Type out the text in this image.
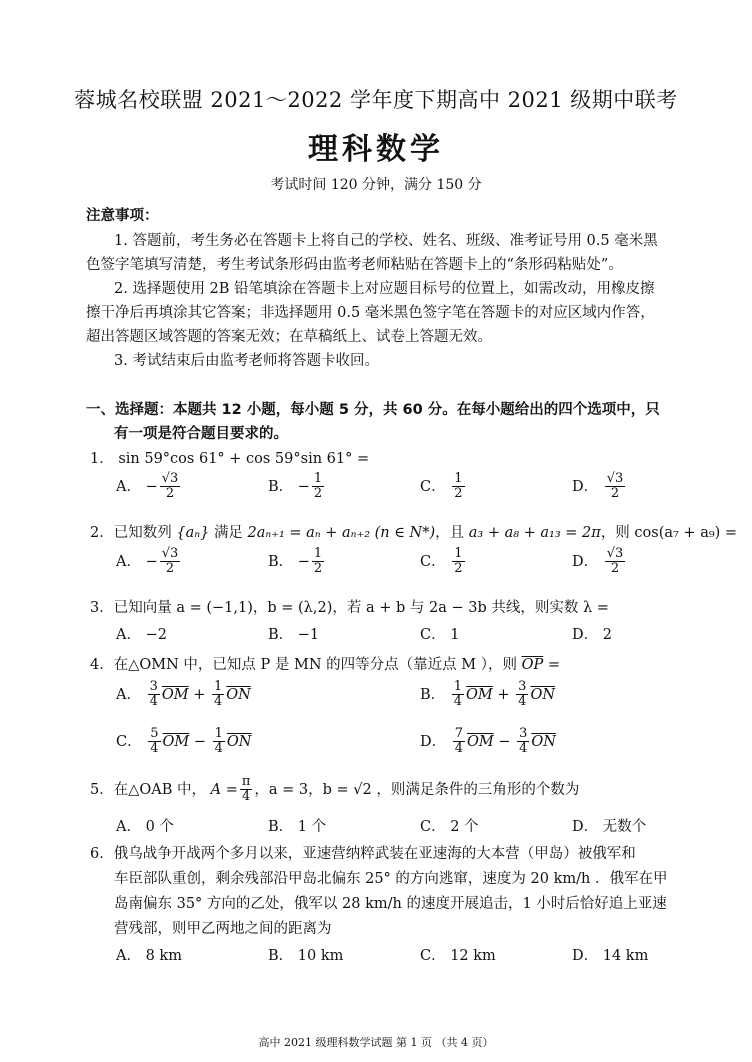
蓉城名校联盟 2021～2022 学年度下期高中 2021 级期中联考
理科数学
考试时间 120 分钟，满分 150 分
注意事项：
1. 答题前，考生务必在答题卡上将自己的学校、姓名、班级、准考证号用 0.5 毫米黑
色签字笔填写清楚，考生考试条形码由监考老师粘贴在答题卡上的“条形码粘贴处”。
2. 选择题使用 2B 铅笔填涂在答题卡上对应题目标号的位置上，如需改动，用橡皮擦
擦干净后再填涂其它答案；非选择题用 0.5 毫米黑色签字笔在答题卡的对应区域内作答，
超出答题区域答题的答案无效；在草稿纸上、试卷上答题无效。
3. 考试结束后由监考老师将答题卡收回。
一、选择题：本题共 12 小题，每小题 5 分，共 60 分。在每小题给出的四个选项中，只
有一项是符合题目要求的。
1． sin 59°cos 61° + cos 59°sin 61° =
A． − $\frac{√3}{2}$	B． − $\frac{1}{2}$	C． $\frac{1}{2}$	D． $\frac{√3}{2}$
2．已知数列 {aₙ} 满足 2aₙ₊₁ = aₙ + aₙ₊₂ (n ∈ N*)，且 a₃ + a₈ + a₁₃ = 2π，则 cos(a₇ + a₉) =
A． − $\frac{√3}{2}$	B． − $\frac{1}{2}$	C． $\frac{1}{2}$	D． $\frac{√3}{2}$
3．已知向量 a = (−1,1)，b = (λ,2)，若 a + b 与 2a − 3b 共线，则实数 λ =
A． −2	B． −1	C． 1	D． 2
4．在△OMN 中，已知点 P 是 MN 的四等分点（靠近点 M ），则 $\overline{OP}$ =
A． $\frac{3}{4} \overline{OM} + \frac{1}{4} \overline{ON}$	B． $\frac{1}{4} \overline{OM} + \frac{3}{4} \overline{ON}$
C． $\frac{5}{4} \overline{OM} - \frac{1}{4} \overline{ON}$	D． $\frac{7}{4} \overline{OM} - \frac{3}{4} \overline{ON}$
5．在△OAB 中， $A = \frac{\pi}{4}$ ，a = 3，b = √2 ，则满足条件的三角形的个数为
A． 0 个	B． 1 个	C． 2 个	D． 无数个
6．俄乌战争开战两个多月以来，亚速营纳粹武装在亚速海的大本营（甲岛）被俄军和
车臣部队重创，剩余残部沿甲岛北偏东 25° 的方向逃窜，速度为 20 km/h ．俄军在甲
岛南偏东 35° 方向的乙处，俄军以 28 km/h 的速度开展追击，1 小时后恰好追上亚速
营残部，则甲乙两地之间的距离为
A． 8 km	B． 10 km	C． 12 km	D． 14 km
高中 2021 级理科数学试题 第 1 页 （共 4 页）
